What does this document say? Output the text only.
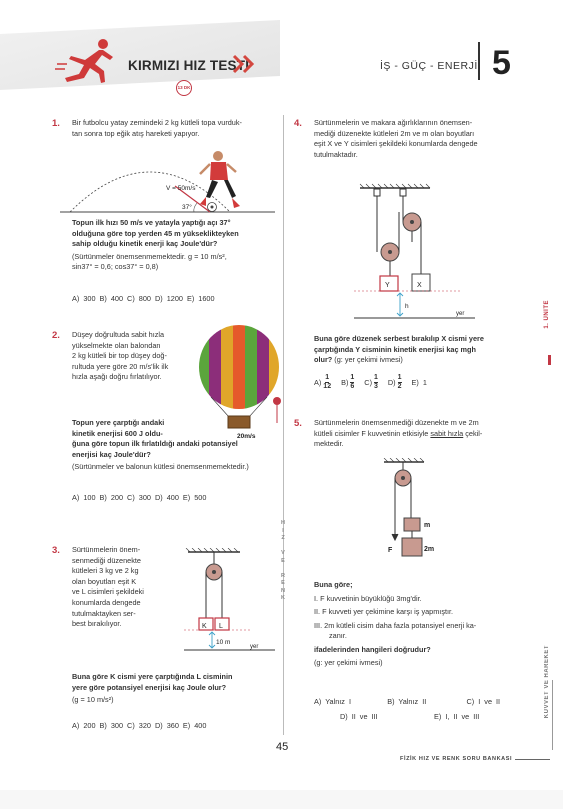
KIRMIZI HIZ TESTİ
13 DK
İŞ - GÜÇ - ENERJİ 5
H
I
Z

V
E

R
E
N
K
1. ÜNİTE
KUVVET VE HAREKET
1. Bir futbolcu yatay zemindeki 2 kg kütleli topa vurduk-
tan sonra top eğik atış hareketi yapıyor.
V = 50m/s
37°
Topun ilk hızı 50 m/s ve yatayla yaptığı açı 37°
olduğuna göre top yerden 45 m yükseklikteyken
sahip olduğu kinetik enerji kaç Joule'dür?
(Sürtünmeler önemsenmemektedir. g = 10 m/s²,
sin37° = 0,6; cos37° = 0,8)
A) 300 B) 400 C) 800 D) 1200 E) 1600
2. Düşey doğrultuda sabit hızla
yükselmekte olan balondan
2 kg kütleli bir top düşey doğ-
rultuda yere göre 20 m/s'lik ilk
hızla aşağı doğru fırlatılıyor.
20m/s
Topun yere çarptığı andaki
kinetik enerjisi 600 J oldu-
ğuna göre topun ilk fırlatıldığı andaki potansiyel
enerjisi kaç Joule'dür?
(Sürtünmeler ve balonun kütlesi önemsenmemektedir.)
A) 100 B) 200 C) 300 D) 400 E) 500
3. Sürtünmelerin önem-
senmediği düzenekte
kütleleri 3 kg ve 2 kg
olan boyutları eşit K
ve L cisimleri şekildeki
konumlarda dengede
tutulmaktayken ser-
best bırakılıyor.	K L
10 m
yer
Buna göre K cismi yere çarptığında L cisminin
yere göre potansiyel enerjisi kaç Joule olur?
(g = 10 m/s²)
A) 200 B) 300 C) 320 D) 360 E) 400
4. Sürtünmelerin ve makara ağırlıklarının önemsen-
mediği düzenekte kütleleri 2m ve m olan boyutları
eşit X ve Y cisimleri şekildeki konumlarda dengede
tutulmaktadır.
Y	X
h
yer
Buna göre düzenek serbest bırakılıp X cismi yere
çarptığında Y cisminin kinetik enerjisi kaç mgh
olur? (g: yer çekimi ivmesi)
A) 1
12 B) 1
6 C) 1
3 D) 1
2 E) 1
5. Sürtünmelerin önemsenmediği düzenekte m ve 2m
kütleli cisimler F kuvvetinin etkisiyle sabit hızla çekil-
mektedir.
m
2m
F
Buna göre;
I. F kuvvetinin büyüklüğü 3mg'dir.
II. F kuvveti yer çekimine karşı iş yapmıştır.
III. 2m kütleli cisim daha fazla potansiyel enerji ka-
zanır.
ifadelerinden hangileri doğrudur?
(g: yer çekimi ivmesi)
A) Yalnız I         B) Yalnız II          C) I ve II
D) II ve III              E) I, II ve III
45
FİZİK HIZ VE RENK SORU BANKASI
